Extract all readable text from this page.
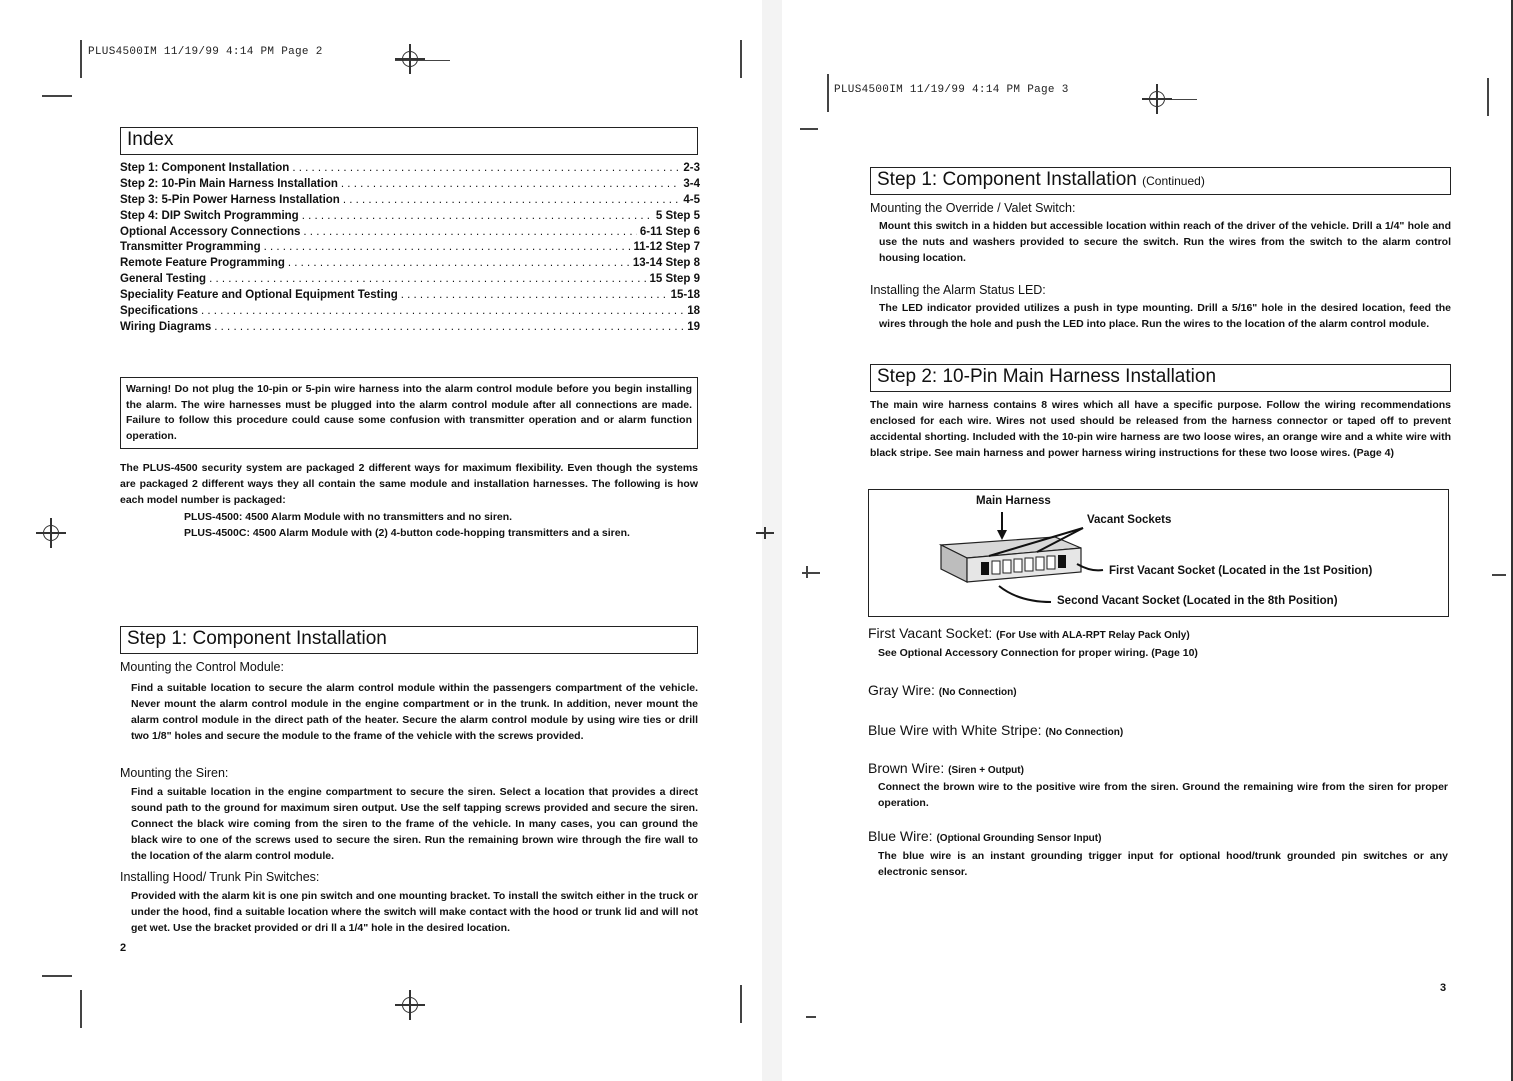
PLUS4500IM 11/19/99 4:14 PM Page 2
Index
Step 1: Component Installation . . .	2-3
Step 2: 10-Pin Main Harness Installation . . .	3-4
Step 3: 5-Pin Power Harness Installation . . .	4-5
Step 4: DIP Switch Programming . . .	5 Step 5
Optional Accessory Connections . . .	6-11 Step 6
Transmitter Programming . . .	11-12 Step 7
Remote Feature Programming . . .	13-14 Step 8
General Testing . . .	15 Step 9
Speciality Feature and Optional Equipment Testing . . .	15-18
Specifications . . .	18
Wiring Diagrams . . .	19
Warning! Do not plug the 10-pin or 5-pin wire harness into the alarm control module before you begin installing the alarm. The wire harnesses must be plugged into the alarm control module after all connections are made. Failure to follow this procedure could cause some confusion with transmitter operation and or alarm function operation.
The PLUS-4500 security system are packaged 2 different ways for maximum flexibility. Even though the systems are packaged 2 different ways they all contain the same module and installation harnesses. The following is how each model number is packaged:
PLUS-4500: 4500 Alarm Module with no transmitters and no siren.
PLUS-4500C: 4500 Alarm Module with (2) 4-button code-hopping transmitters and a siren.
Step 1: Component Installation
Mounting the Control Module:
Find a suitable location to secure the alarm control module within the passengers compartment of the vehicle. Never mount the alarm control module in the engine compartment or in the trunk. In addition, never mount the alarm control module in the direct path of the heater. Secure the alarm control module by using wire ties or drill two 1/8" holes and secure the module to the frame of the vehicle with the screws provided.
Mounting the Siren:
Find a suitable location in the engine compartment to secure the siren. Select a location that provides a direct sound path to the ground for maximum siren output. Use the self tapping screws provided and secure the siren. Connect the black wire coming from the siren to the frame of the vehicle. In many cases, you can ground the black wire to one of the screws used to secure the siren. Run the remaining brown wire through the fire wall to the location of the alarm control module.
Installing Hood/ Trunk Pin Switches:
Provided with the alarm kit is one pin switch and one mounting bracket. To install the switch either in the truck or under the hood, find a suitable location where the switch will make contact with the hood or trunk lid and will not get wet. Use the bracket provided or dri ll a 1/4" hole in the desired location.
2
PLUS4500IM 11/19/99 4:14 PM Page 3
Step 1: Component Installation (Continued)
Mounting the Override / Valet Switch:
Mount this switch in a hidden but accessible location within reach of the driver of the vehicle. Drill a 1/4" hole and use the nuts and washers provided to secure the switch. Run the wires from the switch to the alarm control housing location.
Installing the Alarm Status LED:
The LED indicator provided utilizes a push in type mounting. Drill a 5/16" hole in the desired location, feed the wires through the hole and push the LED into place. Run the wires to the location of the alarm control module.
Step 2: 10-Pin Main Harness Installation
The main wire harness contains 8 wires which all have a specific purpose. Follow the wiring recommendations enclosed for each wire. Wires not used should be released from the harness connector or taped off to prevent accidental shorting. Included with the 10-pin wire harness are two loose wires, an orange wire and a white wire with black stripe. See main harness and power harness wiring instructions for these two loose wires. (Page 4)
Main Harness
Vacant Sockets
First Vacant Socket (Located in the 1st Position)
Second Vacant Socket (Located in the 8th Position)
First Vacant Socket: (For Use with ALA-RPT Relay Pack Only)
See Optional Accessory Connection for proper wiring. (Page 10)
Gray Wire: (No Connection)
Blue Wire with White Stripe: (No Connection)
Brown Wire: (Siren + Output)
Connect the brown wire to the positive wire from the siren. Ground the remaining wire from the siren for proper operation.
Blue Wire: (Optional Grounding Sensor Input)
The blue wire is an instant grounding trigger input for optional hood/trunk grounded pin switches or any electronic sensor.
3
